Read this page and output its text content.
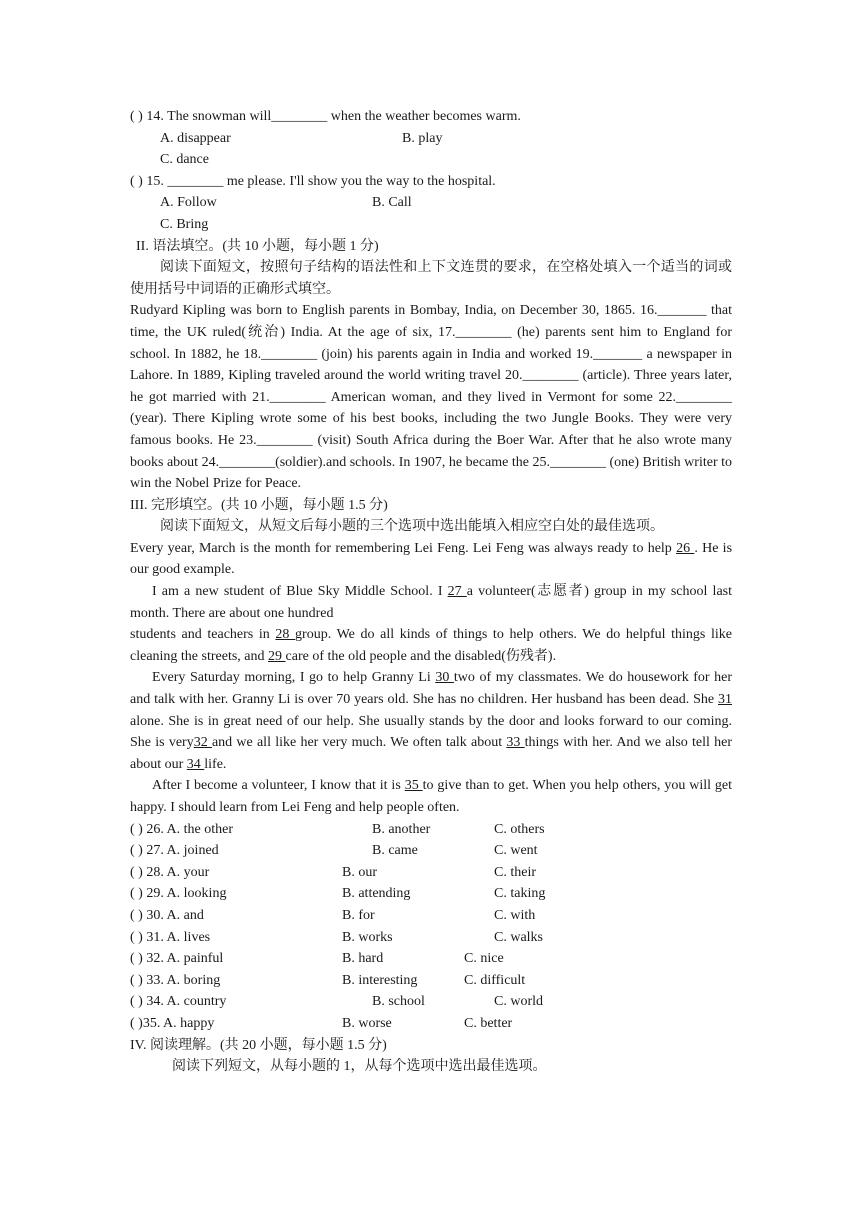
( ) 14. The snowman will________ when the weather becomes warm.
A. disappear	B. play
C. dance
( ) 15. ________ me please. I'll show you the way to the hospital.
A. Follow	B. Call
C. Bring
II. 语法填空。(共 10 小题，每小题 1 分)
阅读下面短文，按照句子结构的语法性和上下文连贯的要求，在空格处填入一个适当的词或使用括号中词语的正确形式填空。
Rudyard Kipling was born to English parents in Bombay, India, on December 30, 1865. 16._______ that time, the UK ruled(统治) India. At the age of six, 17.________ (he) parents sent him to England for school. In 1882, he 18.________ (join) his parents again in India and worked 19._______ a newspaper in Lahore. In 1889, Kipling traveled around the world writing travel 20.________ (article). Three years later, he got married with 21.________ American woman, and they lived in Vermont for some 22.________ (year). There Kipling wrote some of his best books, including the two Jungle Books. They were very famous books. He 23.________ (visit) South Africa during the Boer War. After that he also wrote many books about 24.________(soldier).and schools. In 1907, he became the 25.________ (one) British writer to win the Nobel Prize for Peace.
III. 完形填空。(共 10 小题，每小题 1.5 分)
阅读下面短文，从短文后每小题的三个选项中选出能填入相应空白处的最佳选项。
Every year, March is the month for remembering Lei Feng. Lei Feng was always ready to help 26 . He is our good example.
I am a new student of Blue Sky Middle School. I 27 a volunteer(志愿者) group in my school last month. There are about one hundred
students and teachers in 28 group. We do all kinds of things to help others. We do helpful things like cleaning the streets, and 29 care of the old people and the disabled(伤残者).
Every Saturday morning, I go to help Granny Li 30 two of my classmates. We do housework for her and talk with her. Granny Li is over 70 years old. She has no children. Her husband has been dead. She 31 alone. She is in great need of our help. She usually stands by the door and looks forward to our coming. She is very32 and we all like her very much. We often talk about 33 things with her. And we also tell her about our 34 life.
After I become a volunteer, I know that it is 35 to give than to get. When you help others, you will get happy. I should learn from Lei Feng and help people often.
( ) 26. A. the other	B. another	C. others
( ) 27. A. joined	B. came	C. went
( ) 28. A. your	B. our	C. their
( ) 29. A. looking	B. attending	C. taking
( ) 30. A. and	B. for	C. with
( ) 31. A. lives	B. works	C. walks
( ) 32. A. painful	B. hard	C. nice
( ) 33. A. boring	B. interesting	C. difficult
( ) 34. A. country	B. school	C. world
( )35. A. happy	B. worse	C. better
IV. 阅读理解。(共 20 小题，每小题 1.5 分)
阅读下列短文，从每小题的 1，从每个选项中选出最佳选项。
